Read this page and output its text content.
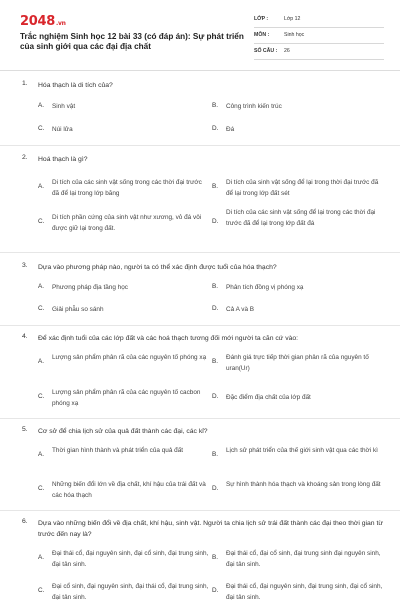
2048.vn
Trắc nghiệm Sinh học 12 bài 33 (có đáp án): Sự phát triển của sinh giới qua các đại địa chất
LỚP :	Lớp 12
MÔN :	Sinh học
SỐ CÂU : 26
1. Hóa thạch là di tích của?
A. Sinh vật	B. Công trình kiến trúc
C. Núi lửa	D. Đá
2. Hoá thạch là gì?
A.
Di tích của các sinh vật sống trong các thời đại trước đã để lại trong lớp băng
B.
Di tích của sinh vật sống để lại trong thời đại trước đã để lại trong lớp đất sét
C.
Di tích phần cứng của sinh vật như xương, vỏ đá vôi được giữ lại trong đất.
D.
Di tích của các sinh vật sống để lại trong các thời đại trước đã để lại trong lớp đất đá
3. Dựa vào phương pháp nào, người ta có thể xác định được tuổi của hóa thạch?
A. Phương pháp địa tầng học	B. Phân tích đồng vị phóng xạ
C. Giải phẫu so sánh	D. Cả A và B
4. Để xác định tuổi của các lớp đất và các hoá thạch tương đối mới người ta căn cứ vào:
A.
Lượng sản phẩm phân rã của các nguyên tố phóng xạ
B.
Đánh giá trực tiếp thời gian phân rã của nguyên tố uran(Ur)
C.
Lượng sản phẩm phân rã của các nguyên tố cacbon phóng xạ
D. Đặc điểm địa chất của lớp đất
5. Cơ sở để chia lịch sử của quả đất thành các đại, các kỉ?
A.
Thời gian hình thành và phát triển của quả đất
B.
Lịch sử phát triển của thế giới sinh vật qua các thời kì
C.
Những biến đổi lớn về địa chất, khí hậu của trái đất và các hóa thạch
D.
Sự hình thành hóa thạch và khoáng sản trong lòng đất
6. Dựa vào những biến đổi về địa chất, khí hậu, sinh vật. Người ta chia lịch sử trái đất thành các đại theo thời gian từ trước đến nay là?
A.
Đại thái cổ, đại nguyên sinh, đại cổ sinh, đại trung sinh, đại tân sinh.
B.
Đại thái cổ, đại cổ sinh, đại trung sinh đại nguyên sinh, đại tân sinh.
C.
Đại cổ sinh, đại nguyên sinh, đại thái cổ, đại trung sinh, đại tân sinh.
D.
Đại thái cổ, đại nguyên sinh, đại trung sinh, đại cổ sinh, đại tân sinh.
